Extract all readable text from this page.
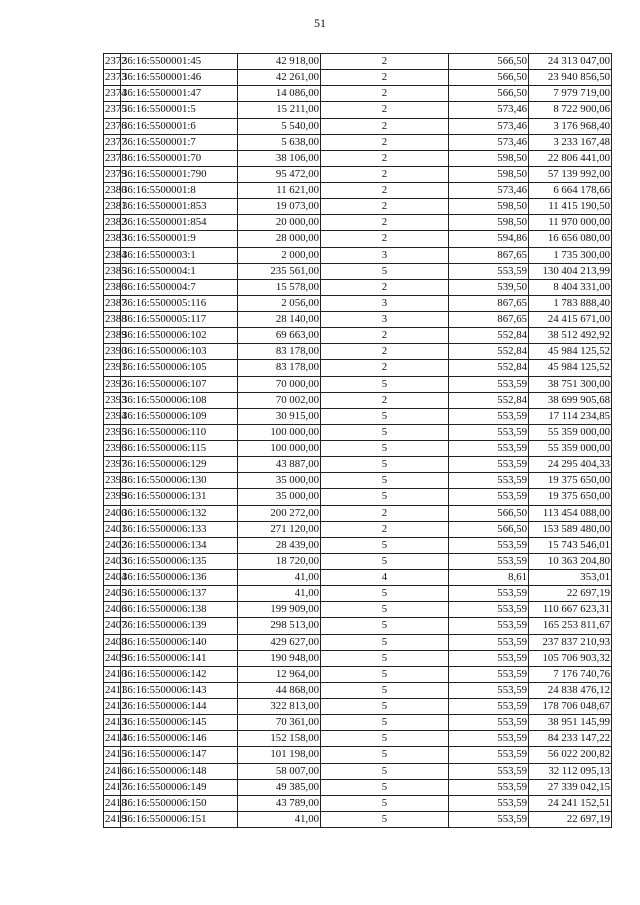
51
2372	36:16:5500001:45	42 918,00	2	566,50	24 313 047,00
2373	36:16:5500001:46	42 261,00	2	566,50	23 940 856,50
2374	36:16:5500001:47	14 086,00	2	566,50	7 979 719,00
2375	36:16:5500001:5	15 211,00	2	573,46	8 722 900,06
2376	36:16:5500001:6	5 540,00	2	573,46	3 176 968,40
2377	36:16:5500001:7	5 638,00	2	573,46	3 233 167,48
2378	36:16:5500001:70	38 106,00	2	598,50	22 806 441,00
2379	36:16:5500001:790	95 472,00	2	598,50	57 139 992,00
2380	36:16:5500001:8	11 621,00	2	573,46	6 664 178,66
2381	36:16:5500001:853	19 073,00	2	598,50	11 415 190,50
2382	36:16:5500001:854	20 000,00	2	598,50	11 970 000,00
2383	36:16:5500001:9	28 000,00	2	594,86	16 656 080,00
2384	36:16:5500003:1	2 000,00	3	867,65	1 735 300,00
2385	36:16:5500004:1	235 561,00	5	553,59	130 404 213,99
2386	36:16:5500004:7	15 578,00	2	539,50	8 404 331,00
2387	36:16:5500005:116	2 056,00	3	867,65	1 783 888,40
2388	36:16:5500005:117	28 140,00	3	867,65	24 415 671,00
2389	36:16:5500006:102	69 663,00	2	552,84	38 512 492,92
2390	36:16:5500006:103	83 178,00	2	552,84	45 984 125,52
2391	36:16:5500006:105	83 178,00	2	552,84	45 984 125,52
2392	36:16:5500006:107	70 000,00	5	553,59	38 751 300,00
2393	36:16:5500006:108	70 002,00	2	552,84	38 699 905,68
2394	36:16:5500006:109	30 915,00	5	553,59	17 114 234,85
2395	36:16:5500006:110	100 000,00	5	553,59	55 359 000,00
2396	36:16:5500006:115	100 000,00	5	553,59	55 359 000,00
2397	36:16:5500006:129	43 887,00	5	553,59	24 295 404,33
2398	36:16:5500006:130	35 000,00	5	553,59	19 375 650,00
2399	36:16:5500006:131	35 000,00	5	553,59	19 375 650,00
2400	36:16:5500006:132	200 272,00	2	566,50	113 454 088,00
2401	36:16:5500006:133	271 120,00	2	566,50	153 589 480,00
2402	36:16:5500006:134	28 439,00	5	553,59	15 743 546,01
2403	36:16:5500006:135	18 720,00	5	553,59	10 363 204,80
2404	36:16:5500006:136	41,00	4	8,61	353,01
2405	36:16:5500006:137	41,00	5	553,59	22 697,19
2406	36:16:5500006:138	199 909,00	5	553,59	110 667 623,31
2407	36:16:5500006:139	298 513,00	5	553,59	165 253 811,67
2408	36:16:5500006:140	429 627,00	5	553,59	237 837 210,93
2409	36:16:5500006:141	190 948,00	5	553,59	105 706 903,32
2410	36:16:5500006:142	12 964,00	5	553,59	7 176 740,76
2411	36:16:5500006:143	44 868,00	5	553,59	24 838 476,12
2412	36:16:5500006:144	322 813,00	5	553,59	178 706 048,67
2413	36:16:5500006:145	70 361,00	5	553,59	38 951 145,99
2414	36:16:5500006:146	152 158,00	5	553,59	84 233 147,22
2415	36:16:5500006:147	101 198,00	5	553,59	56 022 200,82
2416	36:16:5500006:148	58 007,00	5	553,59	32 112 095,13
2417	36:16:5500006:149	49 385,00	5	553,59	27 339 042,15
2418	36:16:5500006:150	43 789,00	5	553,59	24 241 152,51
2419	36:16:5500006:151	41,00	5	553,59	22 697,19
